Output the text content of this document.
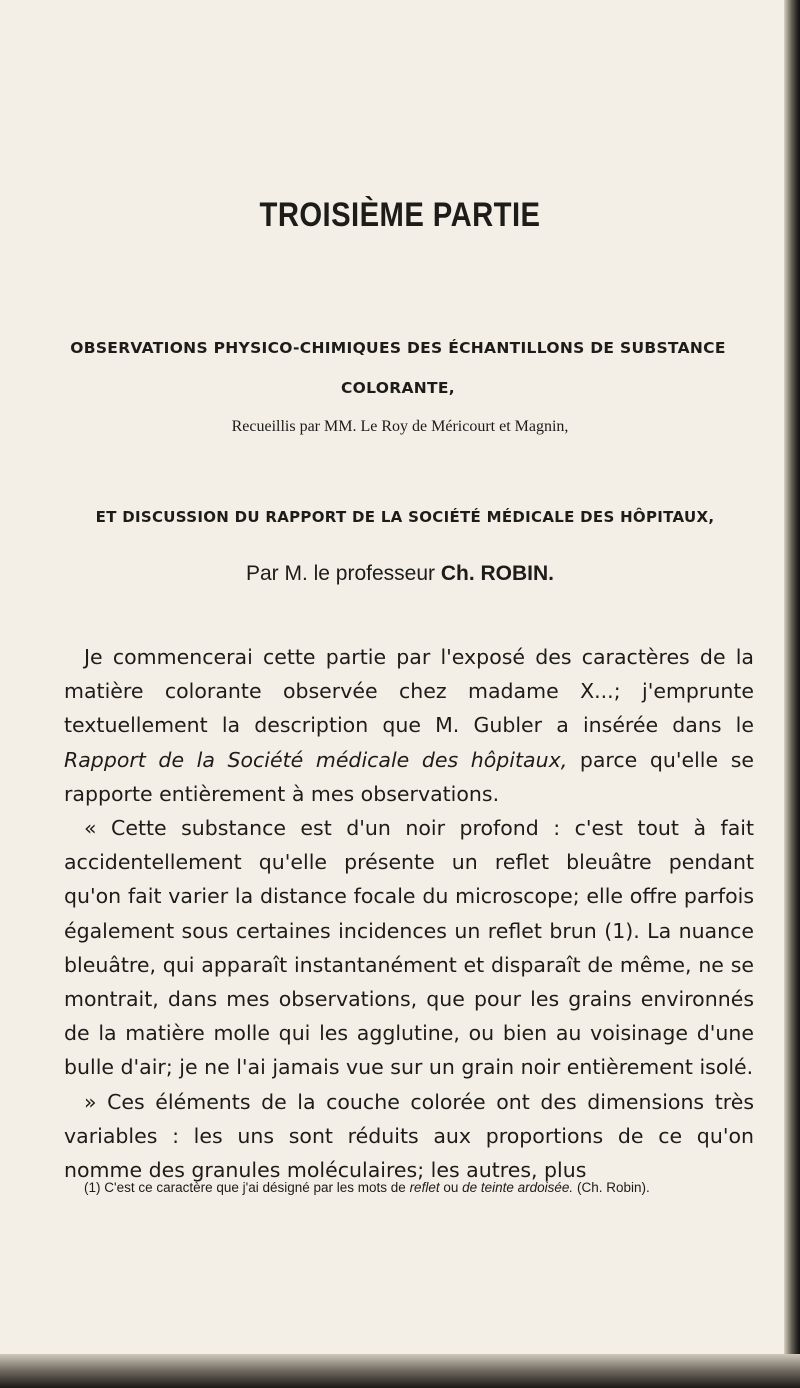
TROISIÈME PARTIE
OBSERVATIONS PHYSICO-CHIMIQUES DES ÉCHANTILLONS DE SUBSTANCE COLORANTE,
Recueillis par MM. Le Roy de Méricourt et Magnin,
ET DISCUSSION DU RAPPORT DE LA SOCIÉTÉ MÉDICALE DES HÔPITAUX,
Par M. le professeur Ch. ROBIN.

Je commencerai cette partie par l'exposé des caractères de la matière colorante observée chez madame X...; j'emprunte textuellement la description que M. Gubler a insérée dans le Rapport de la Société médicale des hôpitaux, parce qu'elle se rapporte entièrement à mes observations.

« Cette substance est d'un noir profond : c'est tout à fait accidentellement qu'elle présente un reflet bleuâtre pendant qu'on fait varier la distance focale du microscope; elle offre parfois également sous certaines incidences un reflet brun (1). La nuance bleuâtre, qui apparaît instantanément et disparaît de même, ne se montrait, dans mes observations, que pour les grains environnés de la matière molle qui les agglutine, ou bien au voisinage d'une bulle d'air; je ne l'ai jamais vue sur un grain noir entièrement isolé.

» Ces éléments de la couche colorée ont des dimensions très variables : les uns sont réduits aux proportions de ce qu'on nomme des granules moléculaires; les autres, plus

(1) C'est ce caractère que j'ai désigné par les mots de reflet ou de teinte ardoisée. (Ch. Robin).
